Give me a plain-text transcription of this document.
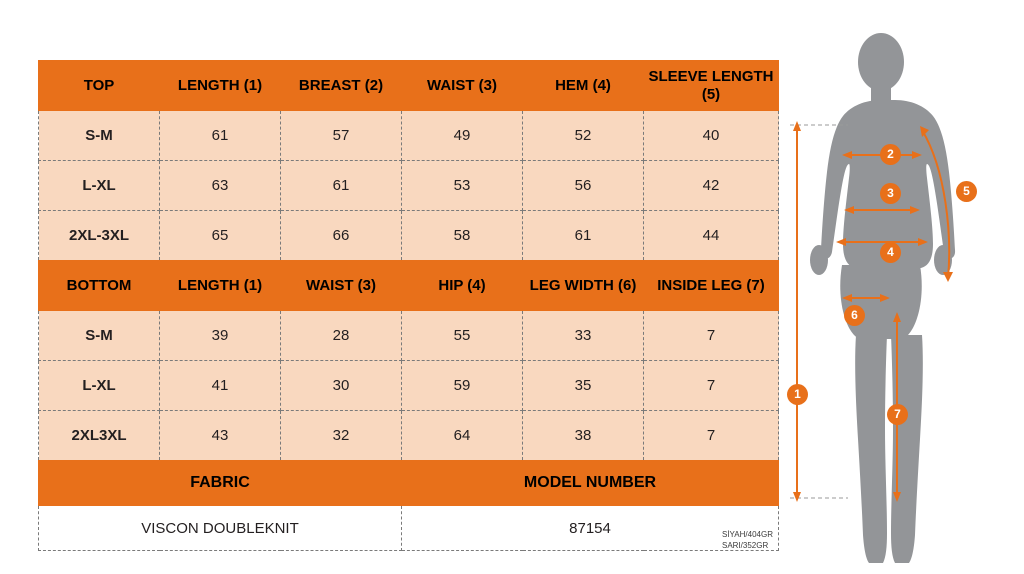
TOP	LENGTH (1)	BREAST (2)	WAIST (3)	HEM (4)	SLEEVE LENGTH (5)
S-M	61	57	49	52	40
L-XL	63	61	53	56	42
2XL-3XL	65	66	58	61	44
BOTTOM	LENGTH (1)	WAIST (3)	HIP (4)	LEG WIDTH (6)	INSIDE LEG (7)
S-M	39	28	55	33	7
L-XL	41	30	59	35	7
2XL3XL	43	32	64	38	7
FABRIC			MODEL NUMBER		
VISCON DOUBLEKNIT			87154		
1
2
3
4
5
6
7
SİYAH/404GR
SARI/352GR
